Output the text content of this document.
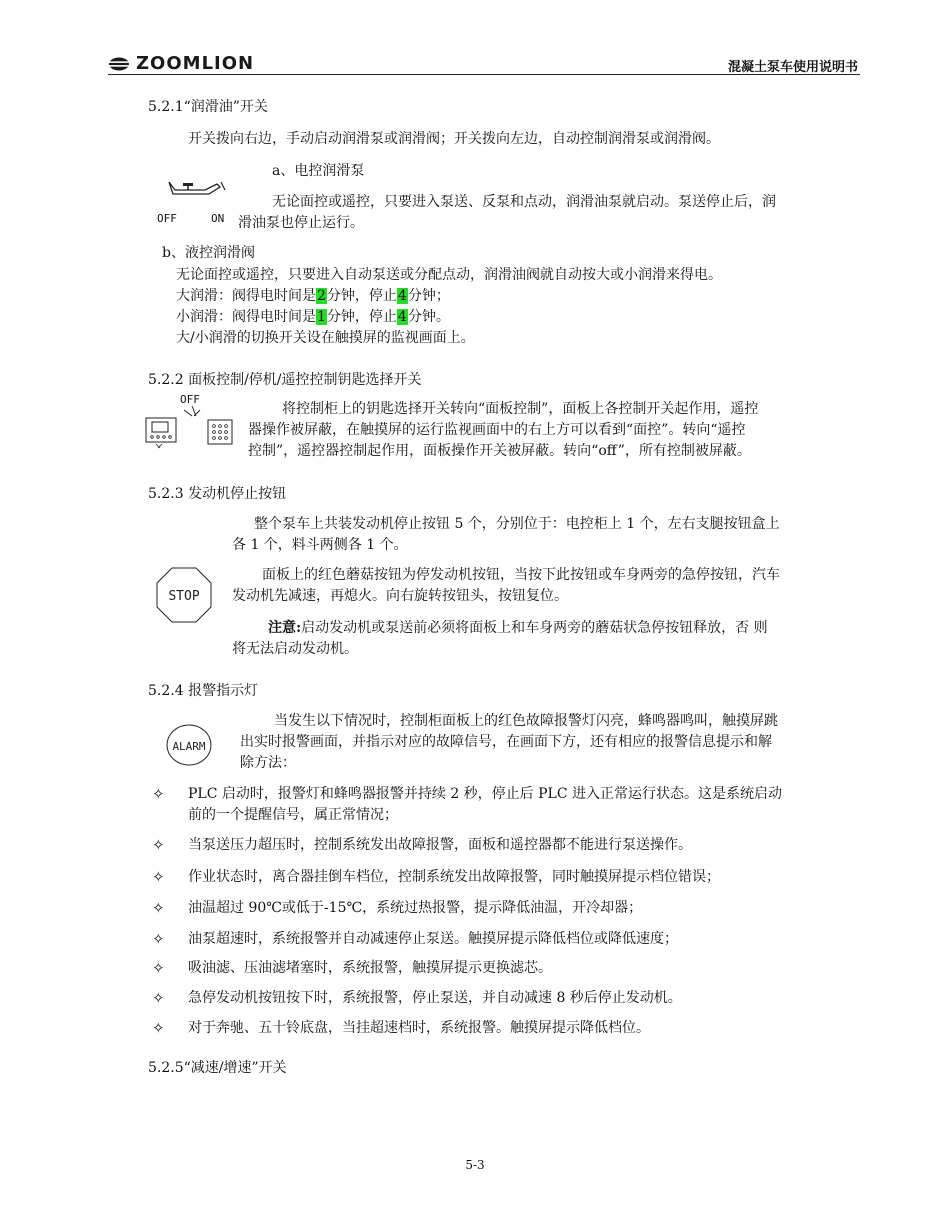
ZOOMLION	混凝土泵车使用说明书
5.2.1“润滑油”开关
开关拨向右边，手动启动润滑泵或润滑阀；开关拨向左边，自动控制润滑泵或润滑阀。
a、电控润滑泵
OFF	ON
无论面控或遥控，只要进入泵送、反泵和点动，润滑油泵就启动。泵送停止后，润
滑油泵也停止运行。
b、液控润滑阀
无论面控或遥控，只要进入自动泵送或分配点动，润滑油阀就自动按大或小润滑来得电。
大润滑：阀得电时间是2分钟，停止4分钟；
小润滑：阀得电时间是1分钟，停止4分钟。
大/小润滑的切换开关设在触摸屏的监视画面上。
5.2.2 面板控制/停机/遥控控制钥匙选择开关
OFF
将控制柜上的钥匙选择开关转向“面板控制”，面板上各控制开关起作用，遥控
器操作被屏蔽，在触摸屏的运行监视画面中的右上方可以看到“面控”。转向“遥控
控制”，遥控器控制起作用，面板操作开关被屏蔽。转向“off”，所有控制被屏蔽。
5.2.3 发动机停止按钮
整个泵车上共装发动机停止按钮 5 个，分别位于：电控柜上 1 个，左右支腿按钮盒上
各 1 个，料斗两侧各 1 个。
STOP
面板上的红色蘑菇按钮为停发动机按钮，当按下此按钮或车身两旁的急停按钮，汽车
发动机先减速，再熄火。向右旋转按钮头，按钮复位。
注意:启动发动机或泵送前必须将面板上和车身两旁的蘑菇状急停按钮释放，否 则
将无法启动发动机。
5.2.4 报警指示灯
ALARM
当发生以下情况时，控制柜面板上的红色故障报警灯闪亮，蜂鸣器鸣叫，触摸屏跳
出实时报警画面，并指示对应的故障信号，在画面下方，还有相应的报警信息提示和解
除方法：
✧ PLC 启动时，报警灯和蜂鸣器报警并持续 2 秒，停止后 PLC 进入正常运行状态。这是系统启动
前的一个提醒信号，属正常情况；
✧ 当泵送压力超压时，控制系统发出故障报警，面板和遥控器都不能进行泵送操作。
✧ 作业状态时，离合器挂倒车档位，控制系统发出故障报警，同时触摸屏提示档位错误；
✧ 油温超过 90℃或低于-15℃，系统过热报警，提示降低油温，开冷却器；
✧ 油泵超速时，系统报警并自动减速停止泵送。触摸屏提示降低档位或降低速度；
✧ 吸油滤、压油滤堵塞时，系统报警，触摸屏提示更换滤芯。
✧ 急停发动机按钮按下时，系统报警，停止泵送，并自动减速 8 秒后停止发动机。
✧ 对于奔驰、五十铃底盘，当挂超速档时，系统报警。触摸屏提示降低档位。
5.2.5“减速/增速”开关
5-3
